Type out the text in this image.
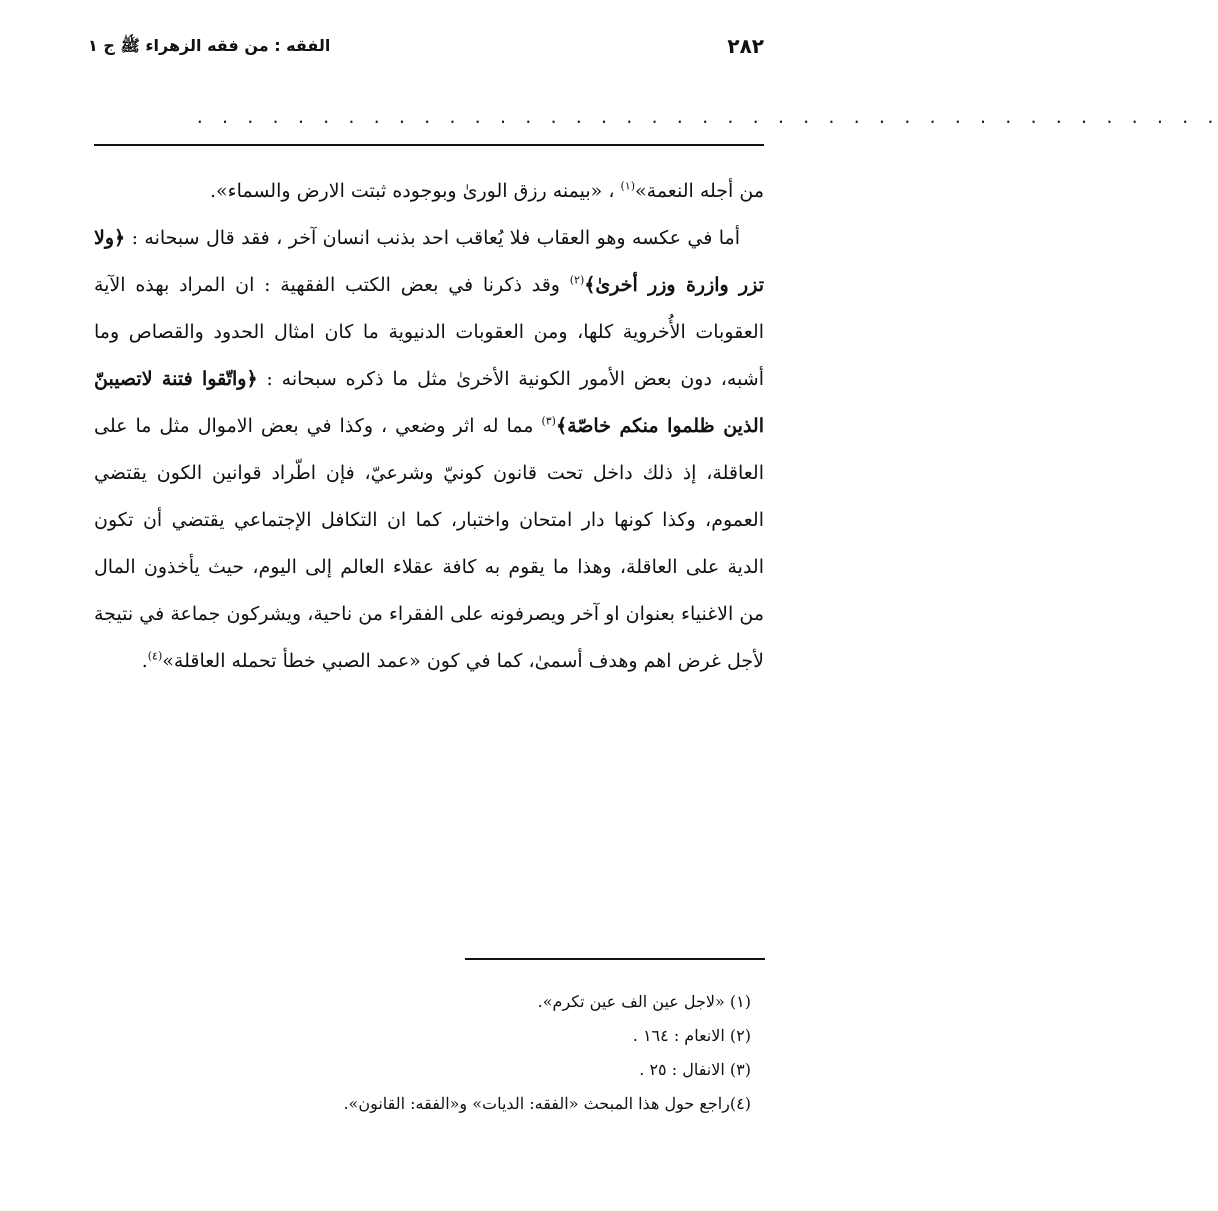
٢٨٢
الفقه : من فقه الزهراء ﷺ ج ١
. . . . . . . . . . . . . . . . . . . . . . . . . . . . . . . . . . . . . . . . .

من أجله النعمة»$^{(١)}$ ، «بيمنه رزق الورىٰ وبوجوده ثبتت الارض والسماء».

أما في عكسه وهو العقاب فلا يُعاقب احد بذنب انسان آخر ، فقد قال سبحانه : ﴿ولا تزر وازرة وزر أخرىٰ﴾$^{(٢)}$ وقد ذكرنا في بعض الكتب الفقهية : ان المراد بهذه الآية العقوبات الأُخروية كلها، ومن العقوبات الدنيوية ما كان امثال الحدود والقصاص وما أشبه، دون بعض الأمور الكونية الأخرىٰ مثل ما ذكره سبحانه : ﴿واتّقوا فتنة لاتصيبنّ الذين ظلموا منكم خاصّة﴾$^{(٣)}$ مما له اثر وضعي ، وكذا في بعض الاموال مثل ما على العاقلة، إذ ذلك داخل تحت قانون كونيّ وشرعيّ، فإن اطّراد قوانين الكون يقتضي العموم، وكذا كونها دار امتحان واختبار، كما ان التكافل الإجتماعي يقتضي أن تكون الدية على العاقلة، وهذا ما يقوم به كافة عقلاء العالم إلى اليوم، حيث يأخذون المال من الاغنياء بعنوان او آخر ويصرفونه على الفقراء من ناحية، ويشركون جماعة في نتيجة لأجل غرض اهم وهدف أسمىٰ، كما في كون «عمد الصبي خطأ تحمله العاقلة»$^{(٤)}$.

(١) «لاجل عين الف عين تكرم».

(٢) الانعام : ١٦٤ .

(٣) الانفال : ٢٥ .

(٤)راجع حول هذا المبحث «الفقه: الديات» و«الفقه: القانون».
